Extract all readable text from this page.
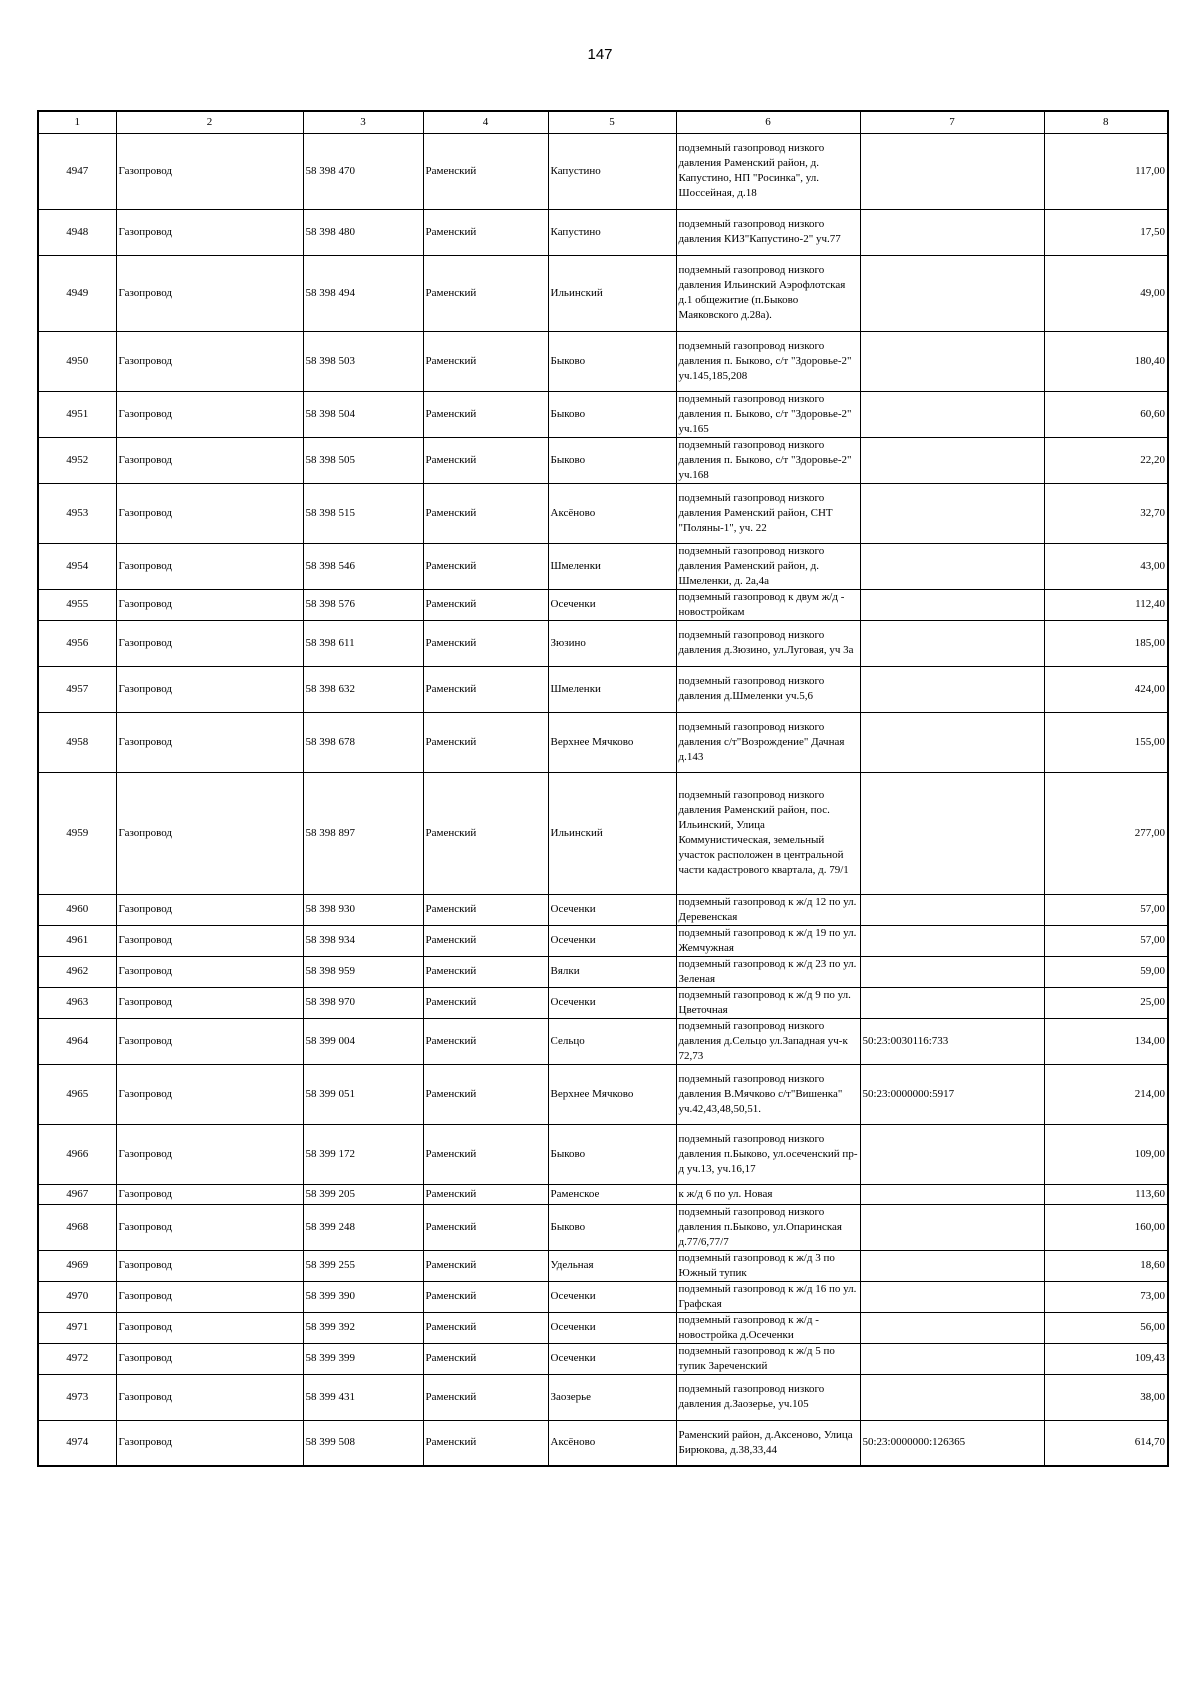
147
1	2	3	4	5	6	7	8
4947	Газопровод	58 398 470	Раменский	Капустино	подземный газопровод низкого давления Раменский район, д. Капустино, НП "Росинка", ул. Шоссейная, д.18		117,00
4948	Газопровод	58 398 480	Раменский	Капустино	подземный газопровод низкого давления КИЗ"Капустино-2" уч.77		17,50
4949	Газопровод	58 398 494	Раменский	Ильинский	подземный газопровод низкого давления Ильинский Аэрофлотская д.1 общежитие (п.Быково Маяковского д.28а).		49,00
4950	Газопровод	58 398 503	Раменский	Быково	подземный газопровод низкого давления п. Быково, с/т "Здоровье-2" уч.145,185,208		180,40
4951	Газопровод	58 398 504	Раменский	Быково	подземный газопровод низкого давления п. Быково, с/т "Здоровье-2" уч.165		60,60
4952	Газопровод	58 398 505	Раменский	Быково	подземный газопровод низкого давления п. Быково, с/т "Здоровье-2" уч.168		22,20
4953	Газопровод	58 398 515	Раменский	Аксёново	подземный газопровод низкого давления Раменский район, СНТ "Поляны-1", уч. 22		32,70
4954	Газопровод	58 398 546	Раменский	Шмеленки	подземный газопровод низкого давления Раменский район, д. Шмеленки, д. 2а,4а		43,00
4955	Газопровод	58 398 576	Раменский	Осеченки	подземный газопровод к двум ж/д - новостройкам		112,40
4956	Газопровод	58 398 611	Раменский	Зюзино	подземный газопровод низкого давления д.Зюзино, ул.Луговая, уч 3а		185,00
4957	Газопровод	58 398 632	Раменский	Шмеленки	подземный газопровод низкого давления д.Шмеленки уч.5,6		424,00
4958	Газопровод	58 398 678	Раменский	Верхнее Мячково	подземный газопровод низкого давления с/т"Возрождение" Дачная д.143		155,00
4959	Газопровод	58 398 897	Раменский	Ильинский	подземный газопровод низкого давления Раменский район, пос. Ильинский, Улица Коммунистическая, земельный участок расположен в центральной части кадастрового квартала, д. 79/1		277,00
4960	Газопровод	58 398 930	Раменский	Осеченки	подземный газопровод к ж/д 12 по ул. Деревенская		57,00
4961	Газопровод	58 398 934	Раменский	Осеченки	подземный газопровод к ж/д 19 по ул. Жемчужная		57,00
4962	Газопровод	58 398 959	Раменский	Вялки	подземный газопровод к ж/д 23 по ул. Зеленая		59,00
4963	Газопровод	58 398 970	Раменский	Осеченки	подземный газопровод к ж/д 9 по ул. Цветочная		25,00
4964	Газопровод	58 399 004	Раменский	Сельцо	подземный газопровод низкого давления д.Сельцо ул.Западная уч-к 72,73	50:23:0030116:733	134,00
4965	Газопровод	58 399 051	Раменский	Верхнее Мячково	подземный газопровод низкого давления В.Мячково с/т"Вишенка" уч.42,43,48,50,51.	50:23:0000000:5917	214,00
4966	Газопровод	58 399 172	Раменский	Быково	подземный газопровод низкого давления п.Быково, ул.осеченский пр-д уч.13, уч.16,17		109,00
4967	Газопровод	58 399 205	Раменский	Раменское	к ж/д 6 по ул. Новая		113,60
4968	Газопровод	58 399 248	Раменский	Быково	подземный газопровод низкого давления п.Быково, ул.Опаринская д.77/6,77/7		160,00
4969	Газопровод	58 399 255	Раменский	Удельная	подземный газопровод к ж/д 3 по Южный тупик		18,60
4970	Газопровод	58 399 390	Раменский	Осеченки	подземный газопровод к ж/д 16 по ул. Графская		73,00
4971	Газопровод	58 399 392	Раменский	Осеченки	подземный газопровод к ж/д - новостройка д.Осеченки		56,00
4972	Газопровод	58 399 399	Раменский	Осеченки	подземный газопровод к ж/д 5 по тупик Зареченский		109,43
4973	Газопровод	58 399 431	Раменский	Заозерье	подземный газопровод низкого давления д.Заозерье, уч.105		38,00
4974	Газопровод	58 399 508	Раменский	Аксёново	Раменский район, д.Аксеново, Улица Бирюкова, д.38,33,44	50:23:0000000:126365	614,70
